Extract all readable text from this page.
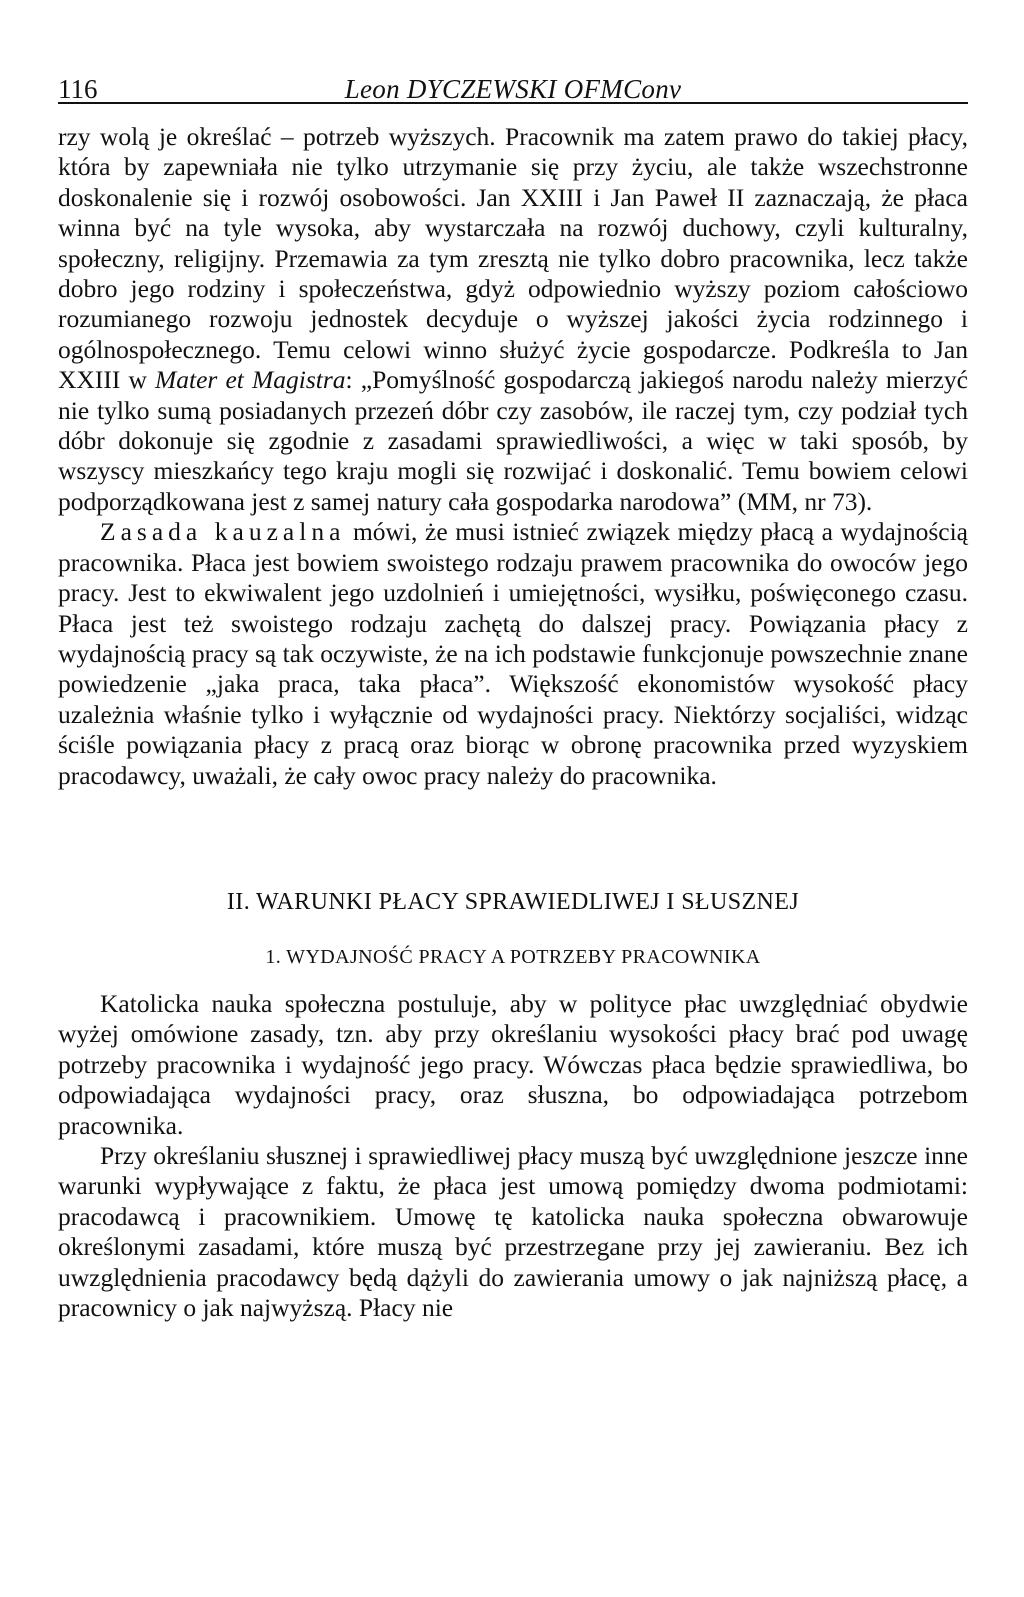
116	Leon DYCZEWSKI OFMConv

rzy wolą je określać – potrzeb wyższych. Pracownik ma zatem prawo do takiej płacy, która by zapewniała nie tylko utrzymanie się przy życiu, ale także wszechstronne doskonalenie się i rozwój osobowości. Jan XXIII i Jan Paweł II zaznaczają, że płaca winna być na tyle wysoka, aby wystarczała na rozwój duchowy, czyli kulturalny, społeczny, religijny. Przemawia za tym zresztą nie tylko dobro pracownika, lecz także dobro jego rodziny i społeczeństwa, gdyż odpowiednio wyższy poziom całościowo rozumianego rozwoju jednostek decyduje o wyższej jakości życia rodzinnego i ogólnospołecznego. Temu celowi winno służyć życie gospodarcze. Podkreśla to Jan XXIII w Mater et Magistra: „Pomyślność gospodarczą jakiegoś narodu należy mierzyć nie tylko sumą posiadanych przezeń dóbr czy zasobów, ile raczej tym, czy podział tych dóbr dokonuje się zgodnie z zasadami sprawiedliwości, a więc w taki sposób, by wszyscy mieszkańcy tego kraju mogli się rozwijać i doskonalić. Temu bowiem celowi podporządkowana jest z samej natury cała gospodarka narodowa” (MM, nr 73).

Zasada kauzalna mówi, że musi istnieć związek między płacą a wydajnością pracownika. Płaca jest bowiem swoistego rodzaju prawem pracownika do owoców jego pracy. Jest to ekwiwalent jego uzdolnień i umiejętności, wysiłku, poświęconego czasu. Płaca jest też swoistego rodzaju zachętą do dalszej pracy. Powiązania płacy z wydajnością pracy są tak oczywiste, że na ich podstawie funkcjonuje powszechnie znane powiedzenie „jaka praca, taka płaca”. Większość ekonomistów wysokość płacy uzależnia właśnie tylko i wyłącznie od wydajności pracy. Niektórzy socjaliści, widząc ściśle powiązania płacy z pracą oraz biorąc w obronę pracownika przed wyzyskiem pracodawcy, uważali, że cały owoc pracy należy do pracownika.

II. WARUNKI PŁACY SPRAWIEDLIWEJ I SŁUSZNEJ
1. WYDAJNOŚĆ PRACY A POTRZEBY PRACOWNIKA

Katolicka nauka społeczna postuluje, aby w polityce płac uwzględniać obydwie wyżej omówione zasady, tzn. aby przy określaniu wysokości płacy brać pod uwagę potrzeby pracownika i wydajność jego pracy. Wówczas płaca będzie sprawiedliwa, bo odpowiadająca wydajności pracy, oraz słuszna, bo odpowiadająca potrzebom pracownika.

Przy określaniu słusznej i sprawiedliwej płacy muszą być uwzględnione jeszcze inne warunki wypływające z faktu, że płaca jest umową pomiędzy dwoma podmiotami: pracodawcą i pracownikiem. Umowę tę katolicka nauka społeczna obwarowuje określonymi zasadami, które muszą być przestrzegane przy jej zawieraniu. Bez ich uwzględnienia pracodawcy będą dążyli do zawierania umowy o jak najniższą płacę, a pracownicy o jak najwyższą. Płacy nie
